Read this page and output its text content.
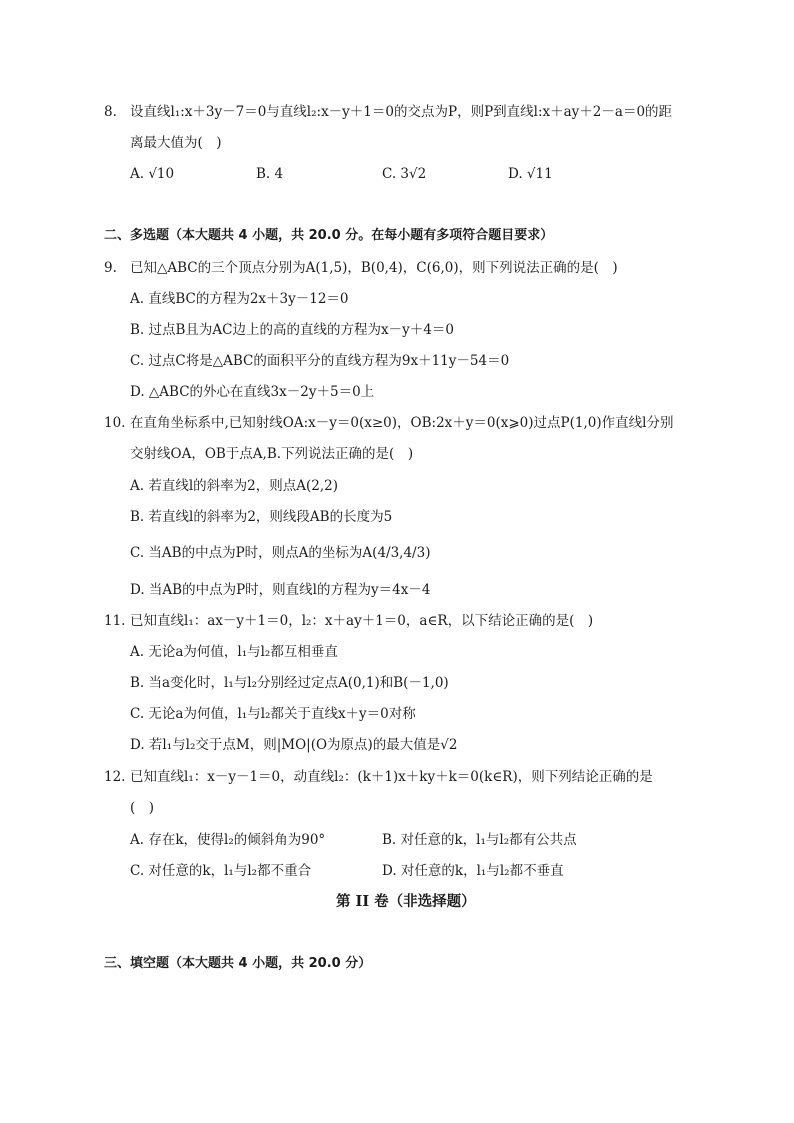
8. 设直线l₁:x＋3y－7＝0与直线l₂:x－y＋1＝0的交点为P，则P到直线l:x＋ay＋2－a＝0的距
离最大值为(　)
A. √10	B. 4	C. 3√2	D. √11
二、多选题（本大题共 4 小题，共 20.0 分。在每小题有多项符合题目要求）
9. 已知△ABC的三个顶点分别为A(1,5)，B(0,4)，C(6,0)，则下列说法正确的是(　)
A. 直线BC的方程为2x＋3y－12＝0
B. 过点B且为AC边上的高的直线的方程为x－y＋4＝0
C. 过点C将是△ABC的面积平分的直线方程为9x＋11y－54＝0
D. △ABC的外心在直线3x－2y＋5＝0上
10. 在直角坐标系中,已知射线OA:x－y＝0(x≥0)，OB:2x＋y＝0(x⩾0)过点P(1,0)作直线l分别
交射线OA，OB于点A,B.下列说法正确的是(　)
A. 若直线l的斜率为2，则点A(2,2)
B. 若直线l的斜率为2，则线段AB的长度为5
C. 当AB的中点为P时，则点A的坐标为A(4/3,4/3)
D. 当AB的中点为P时，则直线l的方程为y＝4x－4
11. 已知直线l₁：ax－y＋1＝0，l₂：x＋ay＋1＝0，a∈R，以下结论正确的是(　)
A. 无论a为何值，l₁与l₂都互相垂直
B. 当a变化时，l₁与l₂分别经过定点A(0,1)和B(－1,0)
C. 无论a为何值，l₁与l₂都关于直线x＋y＝0对称
D. 若l₁与l₂交于点M，则|MO|(O为原点)的最大值是√2
12. 已知直线l₁：x－y－1＝0，动直线l₂：(k＋1)x＋ky＋k＝0(k∈R)，则下列结论正确的是
(　)
A. 存在k，使得l₂的倾斜角为90°	B. 对任意的k，l₁与l₂都有公共点
C. 对任意的k，l₁与l₂都不重合	D. 对任意的k，l₁与l₂都不垂直
第 II 卷（非选择题）
三、填空题（本大题共 4 小题，共 20.0 分）
